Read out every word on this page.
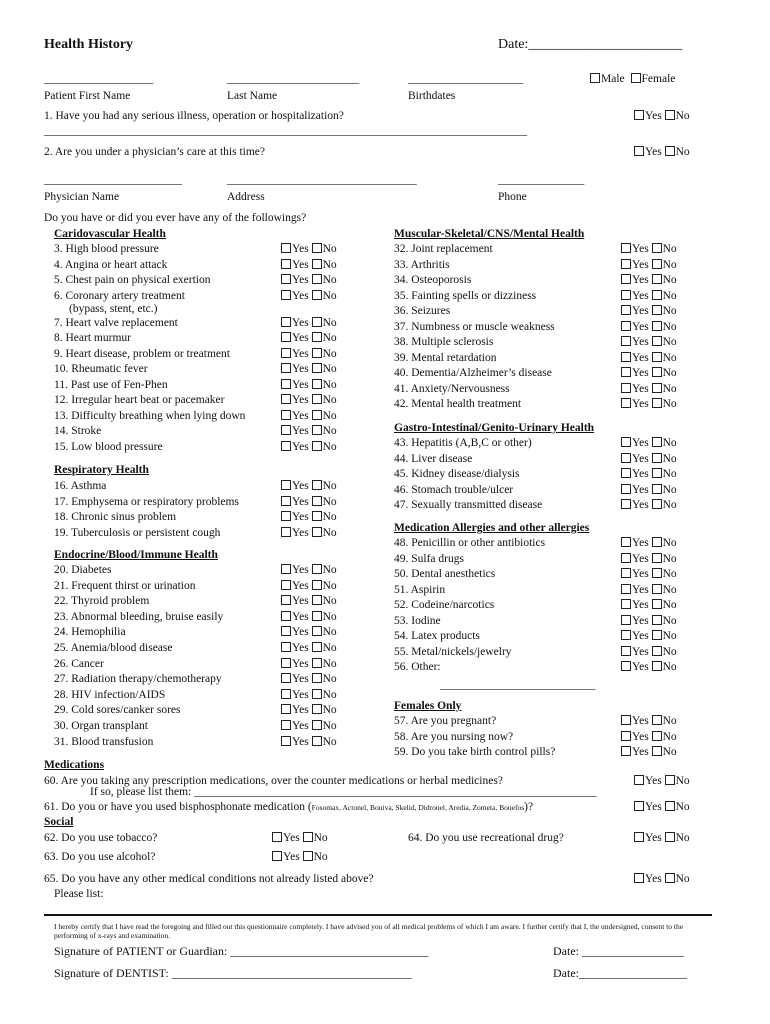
Health History	Date:______________________
___________________	_______________________	____________________	Male Female
Patient First Name	Last Name	Birthdates
1. Have you had any serious illness, operation or hospitalization?	Yes No
____________________________________________________________________________________
2. Are you under a physician’s care at this time?	Yes No
________________________	_________________________________	_______________
Physician Name	Address	Phone
Do you have or did you ever have any of the followings?
Caridovascular Health
Respiratory Health
Endocrine/Blood/Immune Health
(bypass, stent, etc.)
Muscular-Skeletal/CNS/Mental Health
Gastro-Intestinal/Genito-Urinary Health
Medication Allergies and other allergies
___________________________
Females Only
3. High blood pressure	Yes No
4. Angina or heart attack	Yes No
5. Chest pain on physical exertion	Yes No
6. Coronary artery treatment	Yes No
7. Heart valve replacement	Yes No
8. Heart murmur	Yes No
9. Heart disease, problem or treatment	Yes No
10. Rheumatic fever	Yes No
11. Past use of Fen-Phen	Yes No
12. Irregular heart beat or pacemaker	Yes No
13. Difficulty breathing when lying down	Yes No
14. Stroke	Yes No
15. Low blood pressure	Yes No
16. Asthma	Yes No
17. Emphysema or respiratory problems	Yes No
18. Chronic sinus problem	Yes No
19. Tuberculosis or persistent cough	Yes No
20. Diabetes	Yes No
21. Frequent thirst or urination	Yes No
22. Thyroid problem	Yes No
23. Abnormal bleeding, bruise easily	Yes No
24. Hemophilia	Yes No
25. Anemia/blood disease	Yes No
26. Cancer	Yes No
27. Radiation therapy/chemotherapy	Yes No
28. HIV infection/AIDS	Yes No
29. Cold sores/canker sores	Yes No
30. Organ transplant	Yes No
31. Blood transfusion	Yes No
32. Joint replacement	Yes No
33. Arthritis	Yes No
34. Osteoporosis	Yes No
35. Fainting spells or dizziness	Yes No
36. Seizures	Yes No
37. Numbness or muscle weakness	Yes No
38. Multiple sclerosis	Yes No
39. Mental retardation	Yes No
40. Dementia/Alzheimer’s disease	Yes No
41. Anxiety/Nervousness	Yes No
42. Mental health treatment	Yes No
43. Hepatitis (A,B,C or other)	Yes No
44. Liver disease	Yes No
45. Kidney disease/dialysis	Yes No
46. Stomach trouble/ulcer	Yes No
47. Sexually transmitted disease	Yes No
48. Penicillin or other antibiotics	Yes No
49. Sulfa drugs	Yes No
50. Dental anesthetics	Yes No
51. Aspirin	Yes No
52. Codeine/narcotics	Yes No
53. Iodine	Yes No
54. Latex products	Yes No
55. Metal/nickels/jewelry	Yes No
56. Other:	Yes No
57. Are you pregnant?	Yes No
58. Are you nursing now?	Yes No
59. Do you take birth control pills?	Yes No
Medications
60. Are you taking any prescription medications, over the counter medications or herbal medicines?	Yes No
If so, please list them: ______________________________________________________________________
61. Do you or have you used bisphosphonate medication (Fosomax, Actonel, Boniva, Skelid, Didronel, Aredia, Zometa, Bonefos)?	Yes No
Social
62. Do you use tobacco?	Yes No	64. Do you use recreational drug?	Yes No
63. Do you use alcohol?	Yes No
65. Do you have any other medical conditions not already listed above?	Yes No
Please list:
I hereby certify that I have read the foregoing and filled out this questionnaire completely. I have advised you of all medical problems of which I am aware. I further certify that I, the undersigned, consent to the performing of x-rays and examination.
Signature of PATIENT or Guardian: _________________________________	Date: _________________
Signature of DENTIST: ________________________________________	Date:__________________
